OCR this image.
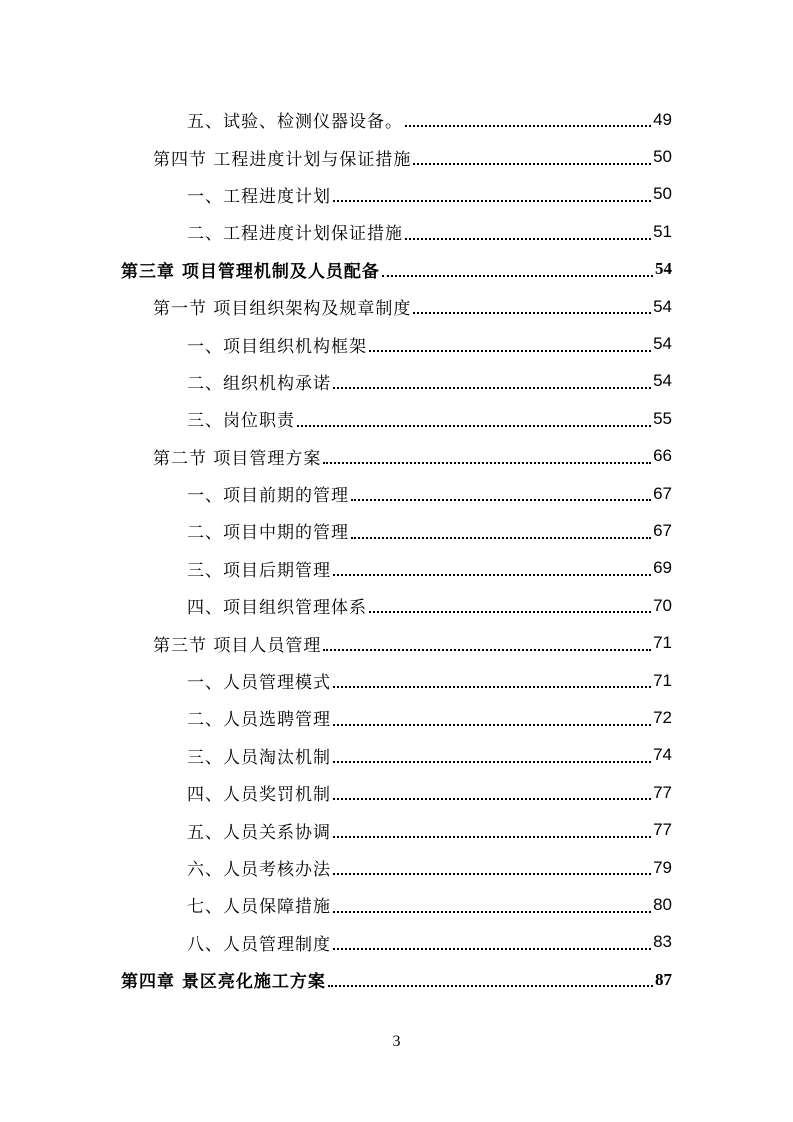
五、试验、检测仪器设备。	49
第四节 工程进度计划与保证措施	50
一、工程进度计划	50
二、工程进度计划保证措施	51
第三章 项目管理机制及人员配备	54
第一节 项目组织架构及规章制度	54
一、项目组织机构框架	54
二、组织机构承诺	54
三、岗位职责	55
第二节 项目管理方案	66
一、项目前期的管理	67
二、项目中期的管理	67
三、项目后期管理	69
四、项目组织管理体系	70
第三节 项目人员管理	71
一、人员管理模式	71
二、人员选聘管理	72
三、人员淘汰机制	74
四、人员奖罚机制	77
五、人员关系协调	77
六、人员考核办法	79
七、人员保障措施	80
八、人员管理制度	83
第四章 景区亮化施工方案	87
3
